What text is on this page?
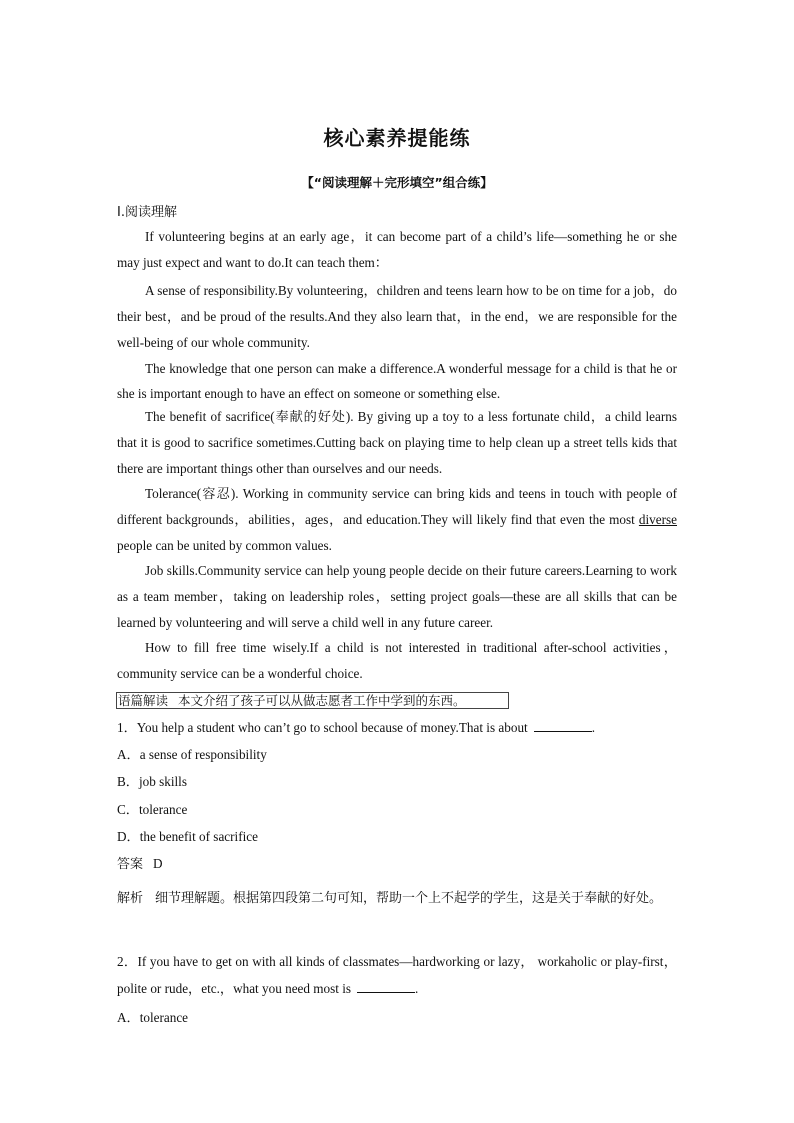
核心素养提能练
【“阅读理解＋完形填空”组合练】
Ⅰ.阅读理解
If volunteering begins at an early age，it can become part of a child’s life—something he or she may just expect and want to do.It can teach them：
A sense of responsibility.By volunteering，children and teens learn how to be on time for a job，do their best，and be proud of the results.And they also learn that，in the end，we are responsible for the well-being of our whole community.
The knowledge that one person can make a difference.A wonderful message for a child is that he or she is important enough to have an effect on someone or something else.
The benefit of sacrifice(奉献的好处). By giving up a toy to a less fortunate child，a child learns that it is good to sacrifice sometimes.Cutting back on playing time to help clean up a street tells kids that there are important things other than ourselves and our needs.
Tolerance(容忍). Working in community service can bring kids and teens in touch with people of different backgrounds，abilities，ages，and education.They will likely find that even the most diverse people can be united by common values.
Job skills.Community service can help young people decide on their future careers.Learning to work as a team member，taking on leadership roles，setting project goals—these are all skills that can be learned by volunteering and will serve a child well in any future career.
How to fill free time wisely.If a child is not interested in traditional after-school activities，community service can be a wonderful choice.
语篇解读 本文介绍了孩子可以从做志愿者工作中学到的东西。
1．You help a student who can’t go to school because of money.That is about	.
A．a sense of responsibility
B．job skills
C．tolerance
D．the benefit of sacrifice
答案 D
解析 细节理解题。根据第四段第二句可知，帮助一个上不起学的学生，这是关于奉献的好处。
2．If you have to get on with all kinds of classmates—hardworking or lazy， workaholic or play-first，polite or rude，etc.，what you need most is	.
A．tolerance
